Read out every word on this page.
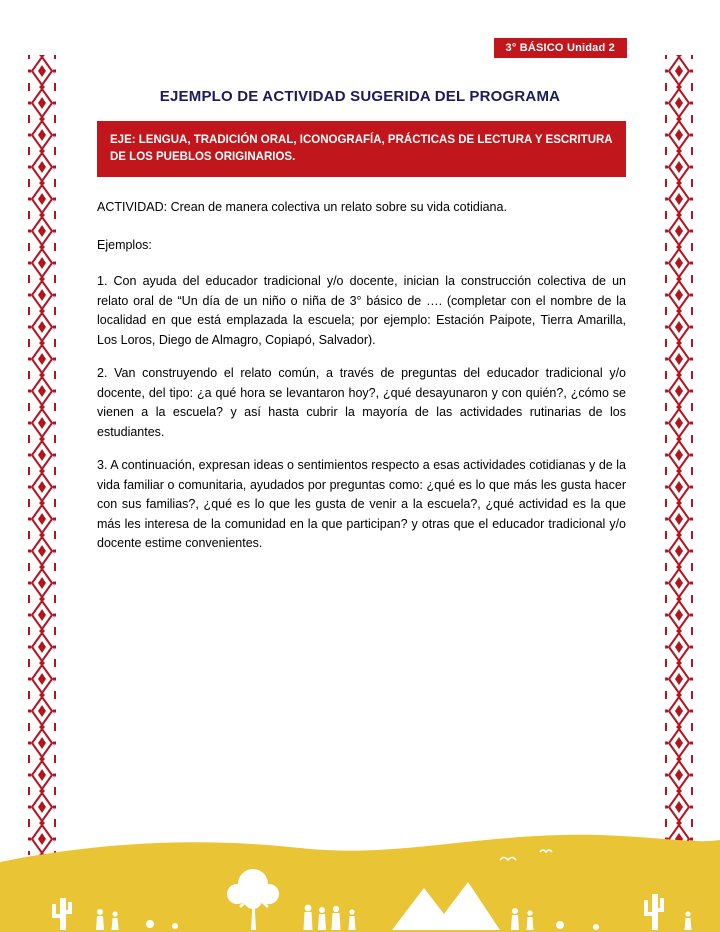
3° BÁSICO Unidad 2
EJEMPLO DE ACTIVIDAD SUGERIDA DEL PROGRAMA
EJE: LENGUA, TRADICIÓN ORAL, ICONOGRAFÍA, PRÁCTICAS DE LECTURA Y ESCRITURA DE LOS PUEBLOS ORIGINARIOS.

ACTIVIDAD: Crean de manera colectiva un relato sobre su vida cotidiana.

Ejemplos:

1. Con ayuda del educador tradicional y/o docente, inician la construcción colectiva de un relato oral de “Un día de un niño o niña de 3° básico de …. (completar con el nombre de la localidad en que está emplazada la escuela; por ejemplo: Estación Paipote, Tierra Amarilla, Los Loros, Diego de Almagro, Copiapó, Salvador).

2. Van construyendo el relato común, a través de preguntas del educador tradicional y/o docente, del tipo: ¿a qué hora se levantaron hoy?, ¿qué desayunaron y con quién?, ¿cómo se vienen a la escuela? y así hasta cubrir la mayoría de las actividades rutinarias de los estudiantes.

3. A continuación, expresan ideas o sentimientos respecto a esas actividades cotidianas y de la vida familiar o comunitaria, ayudados por preguntas como: ¿qué es lo que más les gusta hacer con sus familias?, ¿qué es lo que les gusta de venir a la escuela?, ¿qué actividad es la que más les interesa de la comunidad en la que participan? y otras que el educador tradicional y/o docente estime convenientes.
